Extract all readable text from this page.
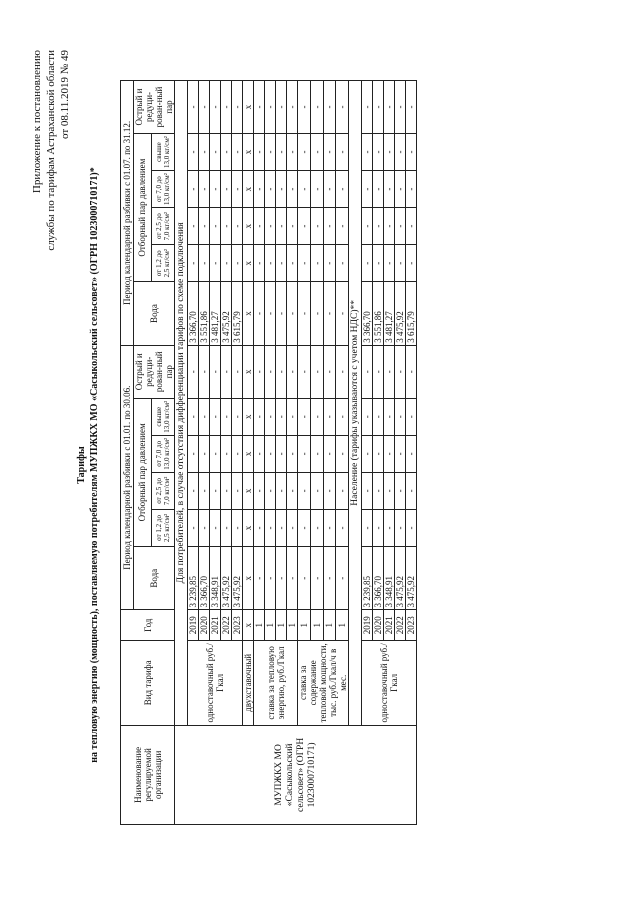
Приложение к постановлению службы по тарифам Астраханской области от 08.11.2019 № 49
Тарифы на тепловую энергию (мощность), поставляемую потребителям МУПЖКХ МО «Сасыкольский сельсовет» (ОГРН 1023000710171)*
Наименование регулируемой организации	Вид тарифа	Год	Период календарной разбивки с 01.01. по 30.06.						Период календарной разбивки с 01.07. по 31.12.					
			Вода	Отборный пар давлением				Острый и редуци-рован-ный пар	Вода	Отборный пар давлением				Острый и редуци-рован-ный пар

				от 1,2 до 2,5 кг/см²	от 2,5 до 7,0 кг/см²	от 7,0 до 13,0 кг/см²	свыше 13,0 кг/см²			от 1,2 до 2,5 кг/см²	от 2,5 до 7,0 кг/см²	от 7,0 до 13,0 кг/см²	свыше 13,0 кг/см²	
МУПЖКХ МО «Сасыкольский сельсовет» (ОГРН 1023000710171)	Для потребителей, в случае отсутствия дифференциации тарифов по схеме подключения													
	одноставочный руб./Гкал	2019	3 239,85	-	-	-	-	-	3 366,70	-	-	-	-	-
		2020	3 366,70	-	-	-	-	-	3 551,86	-	-	-	-	-
		2021	3 348,91	-	-	-	-	-	3 481,27	-	-	-	-	-
		2022	3 475,92	-	-	-	-	-	3 475,92	-	-	-	-	-
		2023	3 475,92	-	-	-	-	-	3 615,79	-	-	-	-	-
	двухставочный	х	х	х	х	х	х	х	х	х	х	х	х	х
	ставка за тепловую энергию, руб./Гкал	1	-	-	-	-	-	-	-	-	-	-	-	-
		1	-	-	-	-	-	-	-	-	-	-	-	-
		1	-	-	-	-	-	-	-	-	-	-	-	-
		1	-	-	-	-	-	-	-	-	-	-	-	-
	ставка за содержание тепловой мощности, тыс. руб./Гкал/ч в мес.	1	-	-	-	-	-	-	-	-	-	-	-	-
		1	-	-	-	-	-	-	-	-	-	-	-	-
		1	-	-	-	-	-	-	-	-	-	-	-	-
		1	-	-	-	-	-	-	-	-	-	-	-	-
	Население (тарифы указываются с учетом НДС)**													
	одноставочный руб./Гкал	2019	3 239,85	-	-	-	-	-	3 366,70	-	-	-	-	-
		2020	3 366,70	-	-	-	-	-	3 551,86	-	-	-	-	-
		2021	3 348,91	-	-	-	-	-	3 481,27	-	-	-	-	-
		2022	3 475,92	-	-	-	-	-	3 475,92	-	-	-	-	-
		2023	3 475,92	-	-	-	-	-	3 615,79	-	-	-	-	-
